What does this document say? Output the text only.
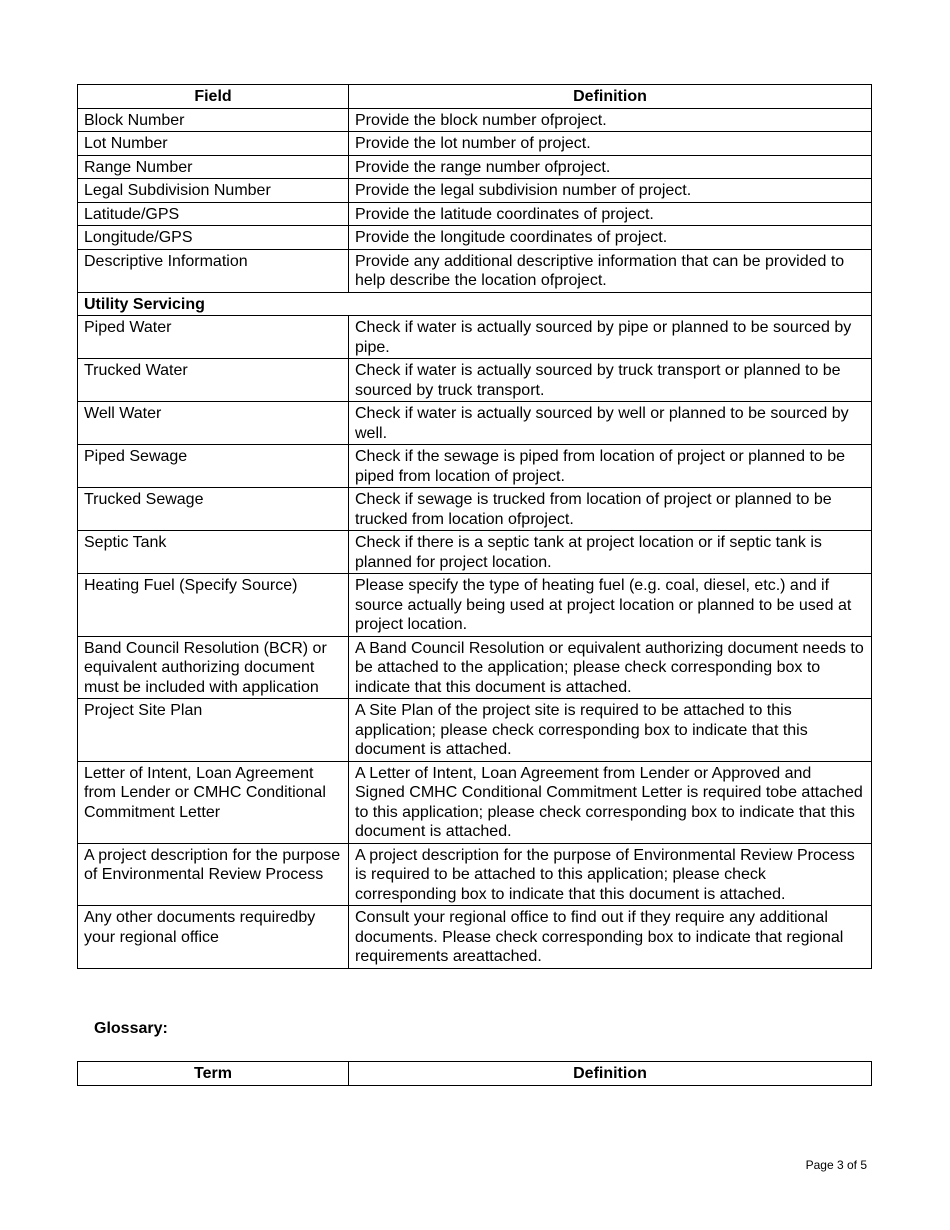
Field	Definition
Block Number	Provide the block number ofproject.
Lot Number	Provide the lot number of project.
Range Number	Provide the range number ofproject.
Legal Subdivision Number	Provide the legal subdivision number of project.
Latitude/GPS	Provide the latitude coordinates of project.
Longitude/GPS	Provide the longitude coordinates of project.
Descriptive Information	Provide any additional descriptive information that can be provided to help describe the location ofproject.
Utility Servicing	
Piped Water	Check if water is actually sourced by pipe or planned to be sourced by pipe.
Trucked Water	Check if water is actually sourced by truck transport or planned to be sourced by truck transport.
Well Water	Check if water is actually sourced by well or planned to be sourced by well.
Piped Sewage	Check if the sewage is piped from location of project or planned to be piped from location of project.
Trucked Sewage	Check if sewage is trucked from location of project or planned to be trucked from location ofproject.
Septic Tank	Check if there is a septic tank at project location or if septic tank is planned for project location.
Heating Fuel (Specify Source)	Please specify the type of heating fuel (e.g. coal, diesel, etc.) and if source actually being used at project location or planned to be used at project location.
Band Council Resolution (BCR) or equivalent authorizing document must be included with application	A Band Council Resolution or equivalent authorizing document needs to be attached to the application; please check corresponding box to indicate that this document is attached.
Project Site Plan	A Site Plan of the project site is required to be attached to this application; please check corresponding box to indicate that this document is attached.
Letter of Intent, Loan Agreement from Lender or CMHC Conditional Commitment Letter	A Letter of Intent, Loan Agreement from Lender or Approved and Signed CMHC Conditional Commitment Letter is required tobe attached to this application; please check corresponding box to indicate that this document is attached.
A project description for the purpose of Environmental Review Process	A project description for the purpose of Environmental Review Process is required to be attached to this application; please check corresponding box to indicate that this document is attached.
Any other documents requiredby your regional office	Consult your regional office to find out if they require any additional documents. Please check corresponding box to indicate that regional requirements areattached.
Glossary:
Term	Definition
Page 3 of 5
